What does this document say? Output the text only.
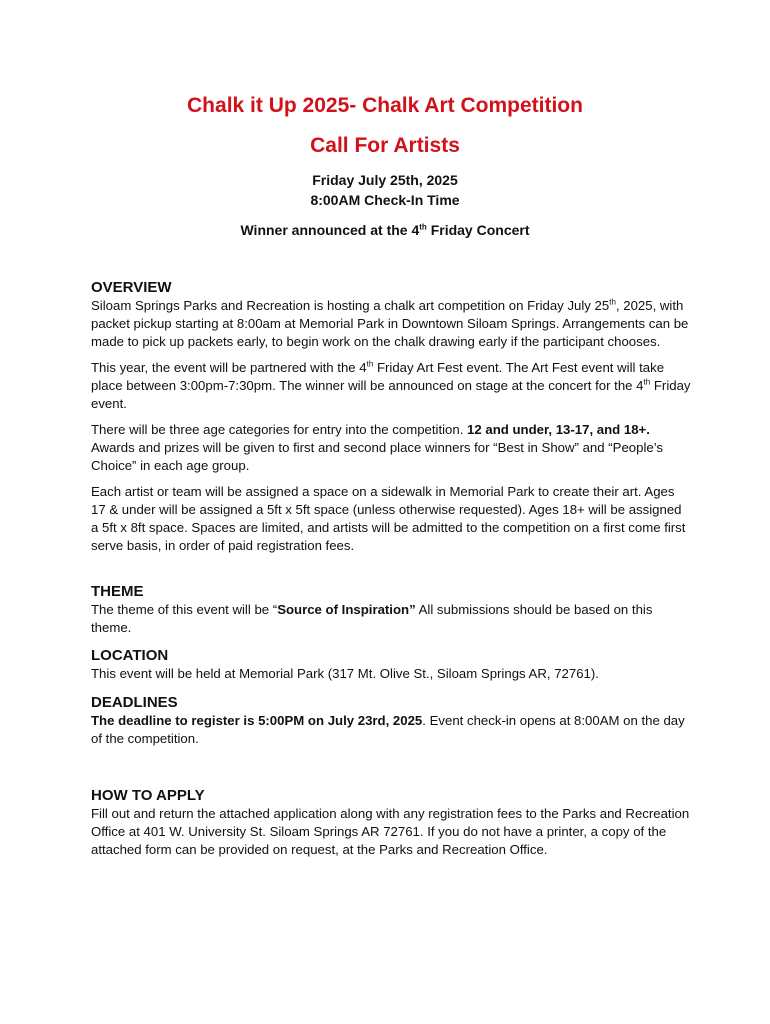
Chalk it Up 2025- Chalk Art Competition
Call For Artists

Friday July 25th, 2025

8:00AM Check-In Time

Winner announced at the 4th Friday Concert

OVERVIEW

Siloam Springs Parks and Recreation is hosting a chalk art competition on Friday July 25th, 2025, with packet pickup starting at 8:00am at Memorial Park in Downtown Siloam Springs. Arrangements can be made to pick up packets early, to begin work on the chalk drawing early if the participant chooses.

This year, the event will be partnered with the 4th Friday Art Fest event. The Art Fest event will take place between 3:00pm-7:30pm. The winner will be announced on stage at the concert for the 4th Friday event.

There will be three age categories for entry into the competition. 12 and under, 13-17, and 18+. Awards and prizes will be given to first and second place winners for “Best in Show” and “People’s Choice” in each age group.

Each artist or team will be assigned a space on a sidewalk in Memorial Park to create their art. Ages 17 & under will be assigned a 5ft x 5ft space (unless otherwise requested). Ages 18+ will be assigned a 5ft x 8ft space. Spaces are limited, and artists will be admitted to the competition on a first come first serve basis, in order of paid registration fees.

THEME

The theme of this event will be “Source of Inspiration” All submissions should be based on this theme.

LOCATION

This event will be held at Memorial Park (317 Mt. Olive St., Siloam Springs AR, 72761).

DEADLINES

The deadline to register is 5:00PM on July 23rd, 2025. Event check-in opens at 8:00AM on the day of the competition.

HOW TO APPLY

Fill out and return the attached application along with any registration fees to the Parks and Recreation Office at 401 W. University St. Siloam Springs AR 72761. If you do not have a printer, a copy of the attached form can be provided on request, at the Parks and Recreation Office.
